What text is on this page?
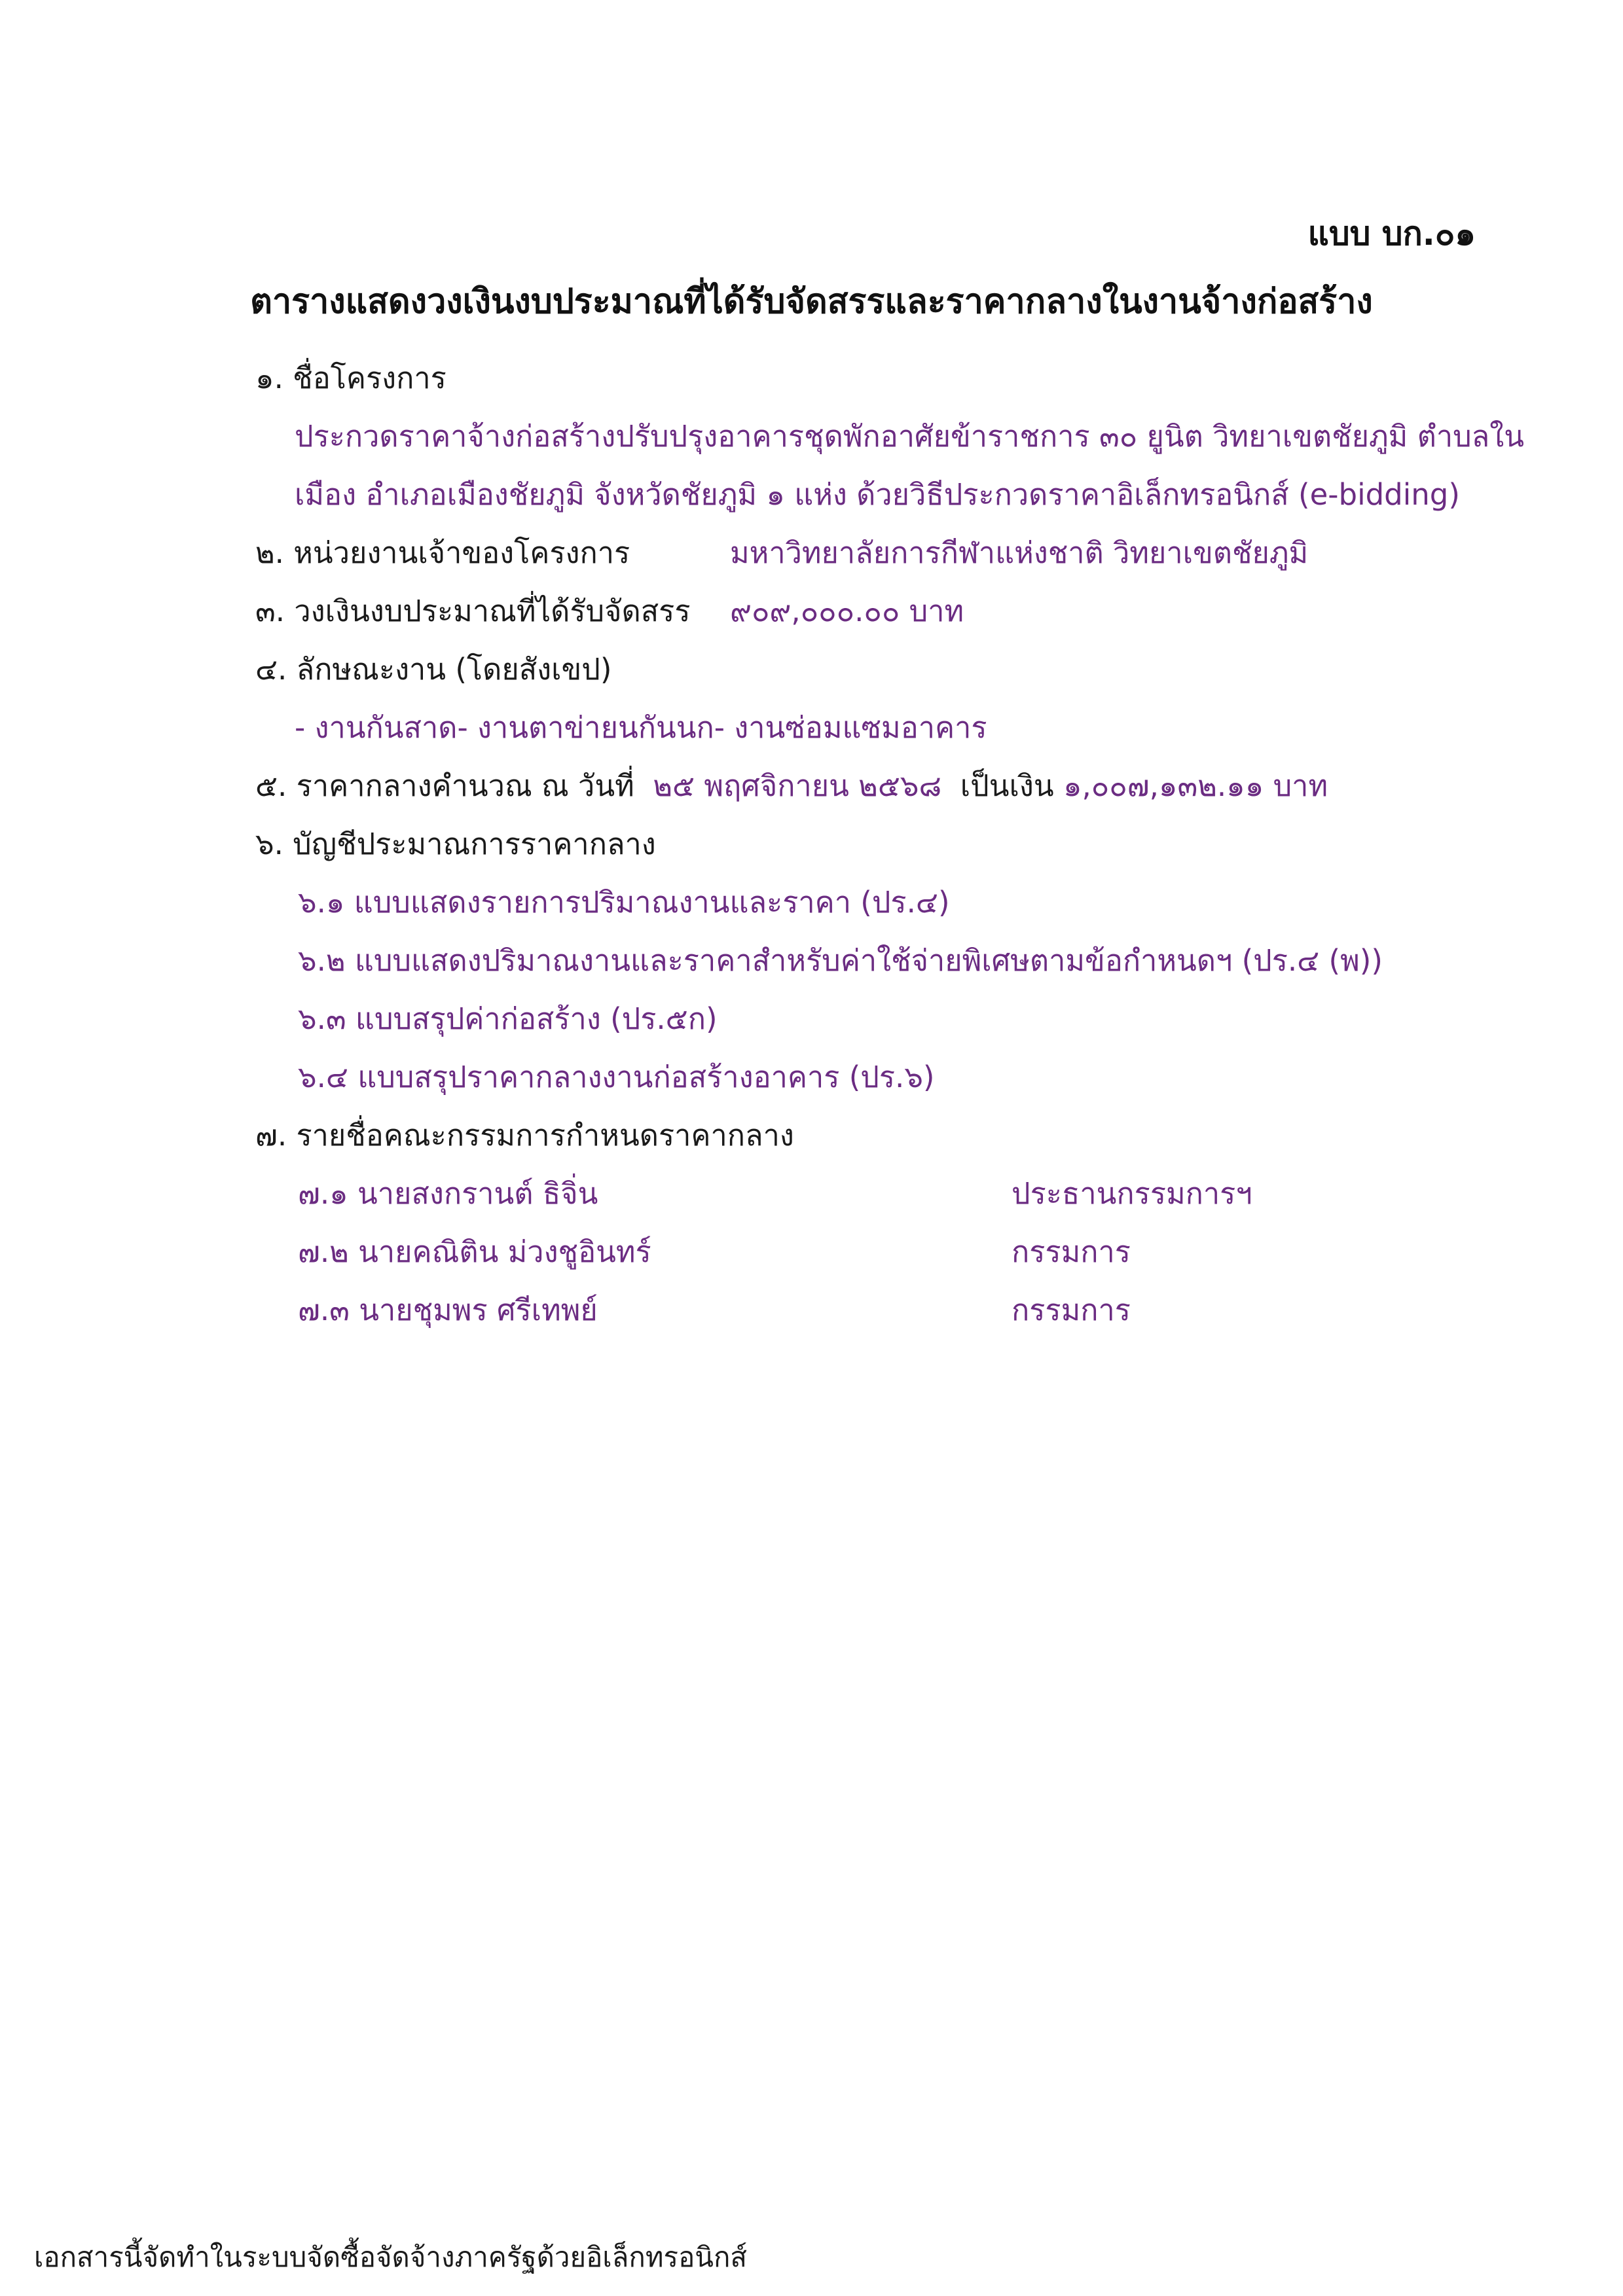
แบบ บก.๐๑
ตารางแสดงวงเงินงบประมาณที่ได้รับจัดสรรและราคากลางในงานจ้างก่อสร้าง
๑. ชื่อโครงการ
ประกวดราคาจ้างก่อสร้างปรับปรุงอาคารชุดพักอาศัยข้าราชการ ๓๐ ยูนิต วิทยาเขตชัยภูมิ ตำบลใน
เมือง อำเภอเมืองชัยภูมิ จังหวัดชัยภูมิ ๑ แห่ง ด้วยวิธีประกวดราคาอิเล็กทรอนิกส์ (e-bidding)
๒. หน่วยงานเจ้าของโครงการ	มหาวิทยาลัยการกีฬาแห่งชาติ วิทยาเขตชัยภูมิ
๓. วงเงินงบประมาณที่ได้รับจัดสรร ๙๐๙,๐๐๐.๐๐ บาท
๔. ลักษณะงาน (โดยสังเขป)
- งานกันสาด- งานตาข่ายนกันนก- งานซ่อมแซมอาคาร
๕. ราคากลางคำนวณ ณ วันที่ ๒๕ พฤศจิกายน ๒๕๖๘ เป็นเงิน ๑,๐๐๗,๑๓๒.๑๑ บาท
๖. บัญชีประมาณการราคากลาง
๖.๑ แบบแสดงรายการปริมาณงานและราคา (ปร.๔)
๖.๒ แบบแสดงปริมาณงานและราคาสำหรับค่าใช้จ่ายพิเศษตามข้อกำหนดฯ (ปร.๔ (พ))
๖.๓ แบบสรุปค่าก่อสร้าง (ปร.๕ก)
๖.๔ แบบสรุปราคากลางงานก่อสร้างอาคาร (ปร.๖)
๗. รายชื่อคณะกรรมการกำหนดราคากลาง
๗.๑ นายสงกรานต์ ธิจิ่น	ประธานกรรมการฯ
๗.๒ นายคณิติน ม่วงชูอินทร์	กรรมการ
๗.๓ นายชุมพร ศรีเทพย์	กรรมการ
เอกสารนี้จัดทำในระบบจัดซื้อจัดจ้างภาครัฐด้วยอิเล็กทรอนิกส์
